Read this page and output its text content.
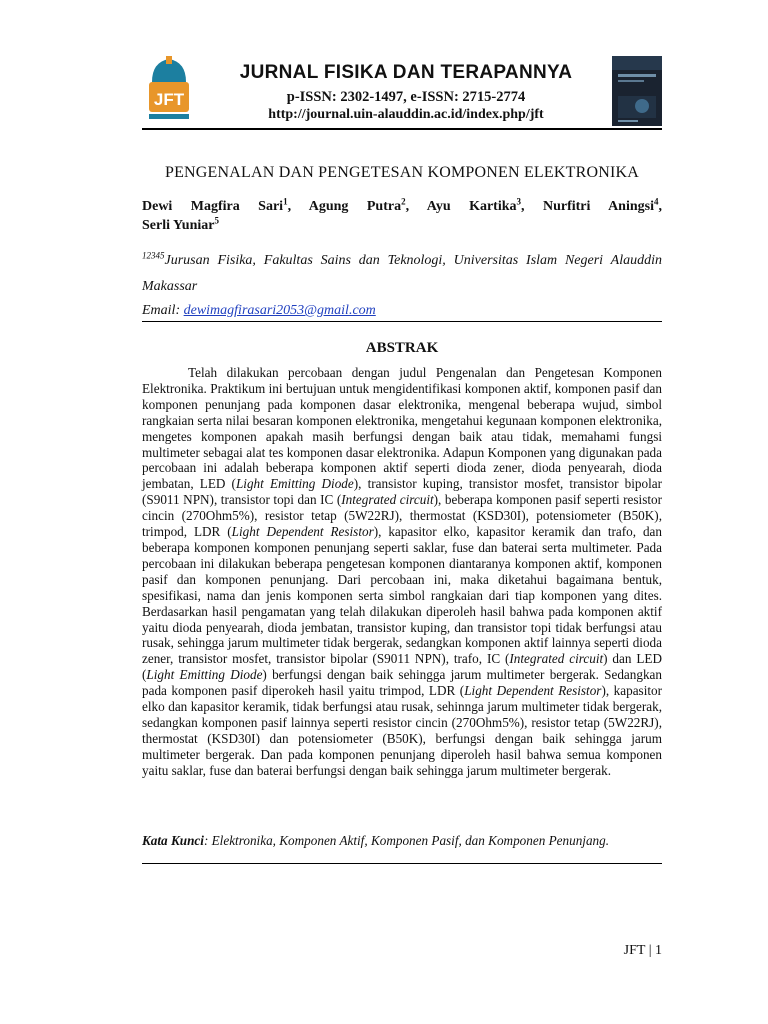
JFT
JURNAL FISIKA DAN TERAPANNYA
p-ISSN: 2302-1497, e-ISSN: 2715-2774
http://journal.uin-alauddin.ac.id/index.php/jft
PENGENALAN DAN PENGETESAN KOMPONEN ELEKTRONIKA
Dewi Magfira Sari$^1$, Agung Putra$^2$, Ayu Kartika$^3$, Nurfitri Aningsi$^4$,
Serli Yuniar$^5$
$^{12345}$Jurusan Fisika, Fakultas Sains dan Teknologi, Universitas Islam Negeri Alauddin Makassar
Email: dewimagfirasari2053@gmail.com
ABSTRAK

Telah dilakukan percobaan dengan judul Pengenalan dan Pengetesan Komponen Elektronika. Praktikum ini bertujuan untuk mengidentifikasi komponen aktif, komponen pasif dan komponen penunjang pada komponen dasar elektronika, mengenal beberapa wujud, simbol rangkaian serta nilai besaran komponen elektronika, mengetahui kegunaan komponen elektronika, mengetes komponen apakah masih berfungsi dengan baik atau tidak, memahami fungsi multimeter sebagai alat tes komponen dasar elektronika. Adapun Komponen yang digunakan pada percobaan ini adalah beberapa komponen aktif seperti dioda zener, dioda penyearah, dioda jembatan, LED (Light Emitting Diode), transistor kuping, transistor mosfet, transistor bipolar (S9011 NPN), transistor topi dan IC (Integrated circuit), beberapa komponen pasif seperti resistor cincin (270Ohm5%), resistor tetap (5W22RJ), thermostat (KSD30I), potensiometer (B50K), trimpod, LDR (Light Dependent Resistor), kapasitor elko, kapasitor keramik dan trafo, dan beberapa komponen komponen penunjang seperti saklar, fuse dan baterai serta multimeter. Pada percobaan ini dilakukan beberapa pengetesan komponen diantaranya komponen aktif, komponen pasif dan komponen penunjang. Dari percobaan ini, maka diketahui bagaimana bentuk, spesifikasi, nama dan jenis komponen serta simbol rangkaian dari tiap komponen yang dites. Berdasarkan hasil pengamatan yang telah dilakukan diperoleh hasil bahwa pada komponen aktif yaitu dioda penyearah, dioda jembatan, transistor kuping, dan transistor topi tidak berfungsi atau rusak, sehingga jarum multimeter tidak bergerak, sedangkan komponen aktif lainnya seperti dioda zener, transistor mosfet, transistor bipolar (S9011 NPN), trafo, IC (Integrated circuit) dan LED (Light Emitting Diode) berfungsi dengan baik sehingga jarum multimeter bergerak. Sedangkan pada komponen pasif diperokeh hasil yaitu trimpod, LDR (Light Dependent Resistor), kapasitor elko dan kapasitor keramik, tidak berfungsi atau rusak, sehinnga jarum multimeter tidak bergerak, sedangkan komponen pasif lainnya seperti resistor cincin (270Ohm5%), resistor tetap (5W22RJ), thermostat (KSD30I) dan potensiometer (B50K), berfungsi dengan baik sehingga jarum multimeter bergerak. Dan pada komponen penunjang diperoleh hasil bahwa semua komponen yaitu saklar, fuse dan baterai berfungsi dengan baik sehingga jarum multimeter bergerak.

Kata Kunci: Elektronika, Komponen Aktif, Komponen Pasif, dan Komponen Penunjang.
JFT | 1
